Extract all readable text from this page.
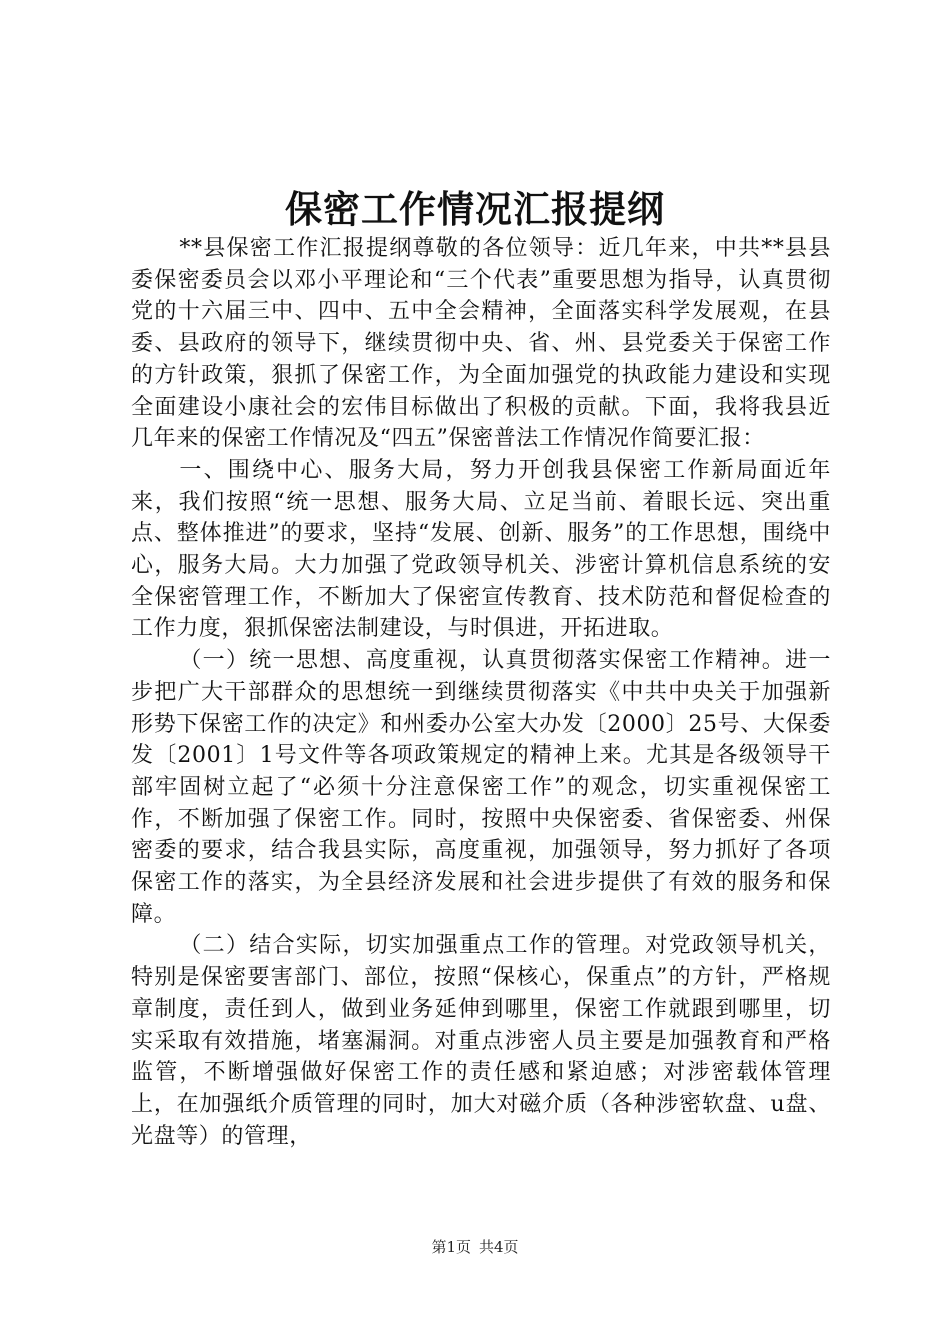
保密工作情况汇报提纲

**县保密工作汇报提纲尊敬的各位领导：近几年来，中共**县县委保密委员会以邓小平理论和“三个代表”重要思想为指导，认真贯彻党的十六届三中、四中、五中全会精神，全面落实科学发展观，在县委、县政府的领导下，继续贯彻中央、省、州、县党委关于保密工作的方针政策，狠抓了保密工作，为全面加强党的执政能力建设和实现全面建设小康社会的宏伟目标做出了积极的贡献。下面，我将我县近几年来的保密工作情况及“四五”保密普法工作情况作简要汇报：

一、围绕中心、服务大局，努力开创我县保密工作新局面近年来，我们按照“统一思想、服务大局、立足当前、着眼长远、突出重点、整体推进”的要求，坚持“发展、创新、服务”的工作思想，围绕中心，服务大局。大力加强了党政领导机关、涉密计算机信息系统的安全保密管理工作，不断加大了保密宣传教育、技术防范和督促检查的工作力度，狠抓保密法制建设，与时俱进，开拓进取。

（一）统一思想、高度重视，认真贯彻落实保密工作精神。进一步把广大干部群众的思想统一到继续贯彻落实《中共中央关于加强新形势下保密工作的决定》和州委办公室大办发〔2000〕25号、大保委发〔2001〕1号文件等各项政策规定的精神上来。尤其是各级领导干部牢固树立起了“必须十分注意保密工作”的观念，切实重视保密工作，不断加强了保密工作。同时，按照中央保密委、省保密委、州保密委的要求，结合我县实际，高度重视，加强领导，努力抓好了各项保密工作的落实，为全县经济发展和社会进步提供了有效的服务和保障。

（二）结合实际，切实加强重点工作的管理。对党政领导机关，特别是保密要害部门、部位，按照“保核心，保重点”的方针，严格规章制度，责任到人，做到业务延伸到哪里，保密工作就跟到哪里，切实采取有效措施，堵塞漏洞。对重点涉密人员主要是加强教育和严格监管，不断增强做好保密工作的责任感和紧迫感；对涉密载体管理上，在加强纸介质管理的同时，加大对磁介质（各种涉密软盘、u盘、光盘等）的管理，

第1页 共4页
